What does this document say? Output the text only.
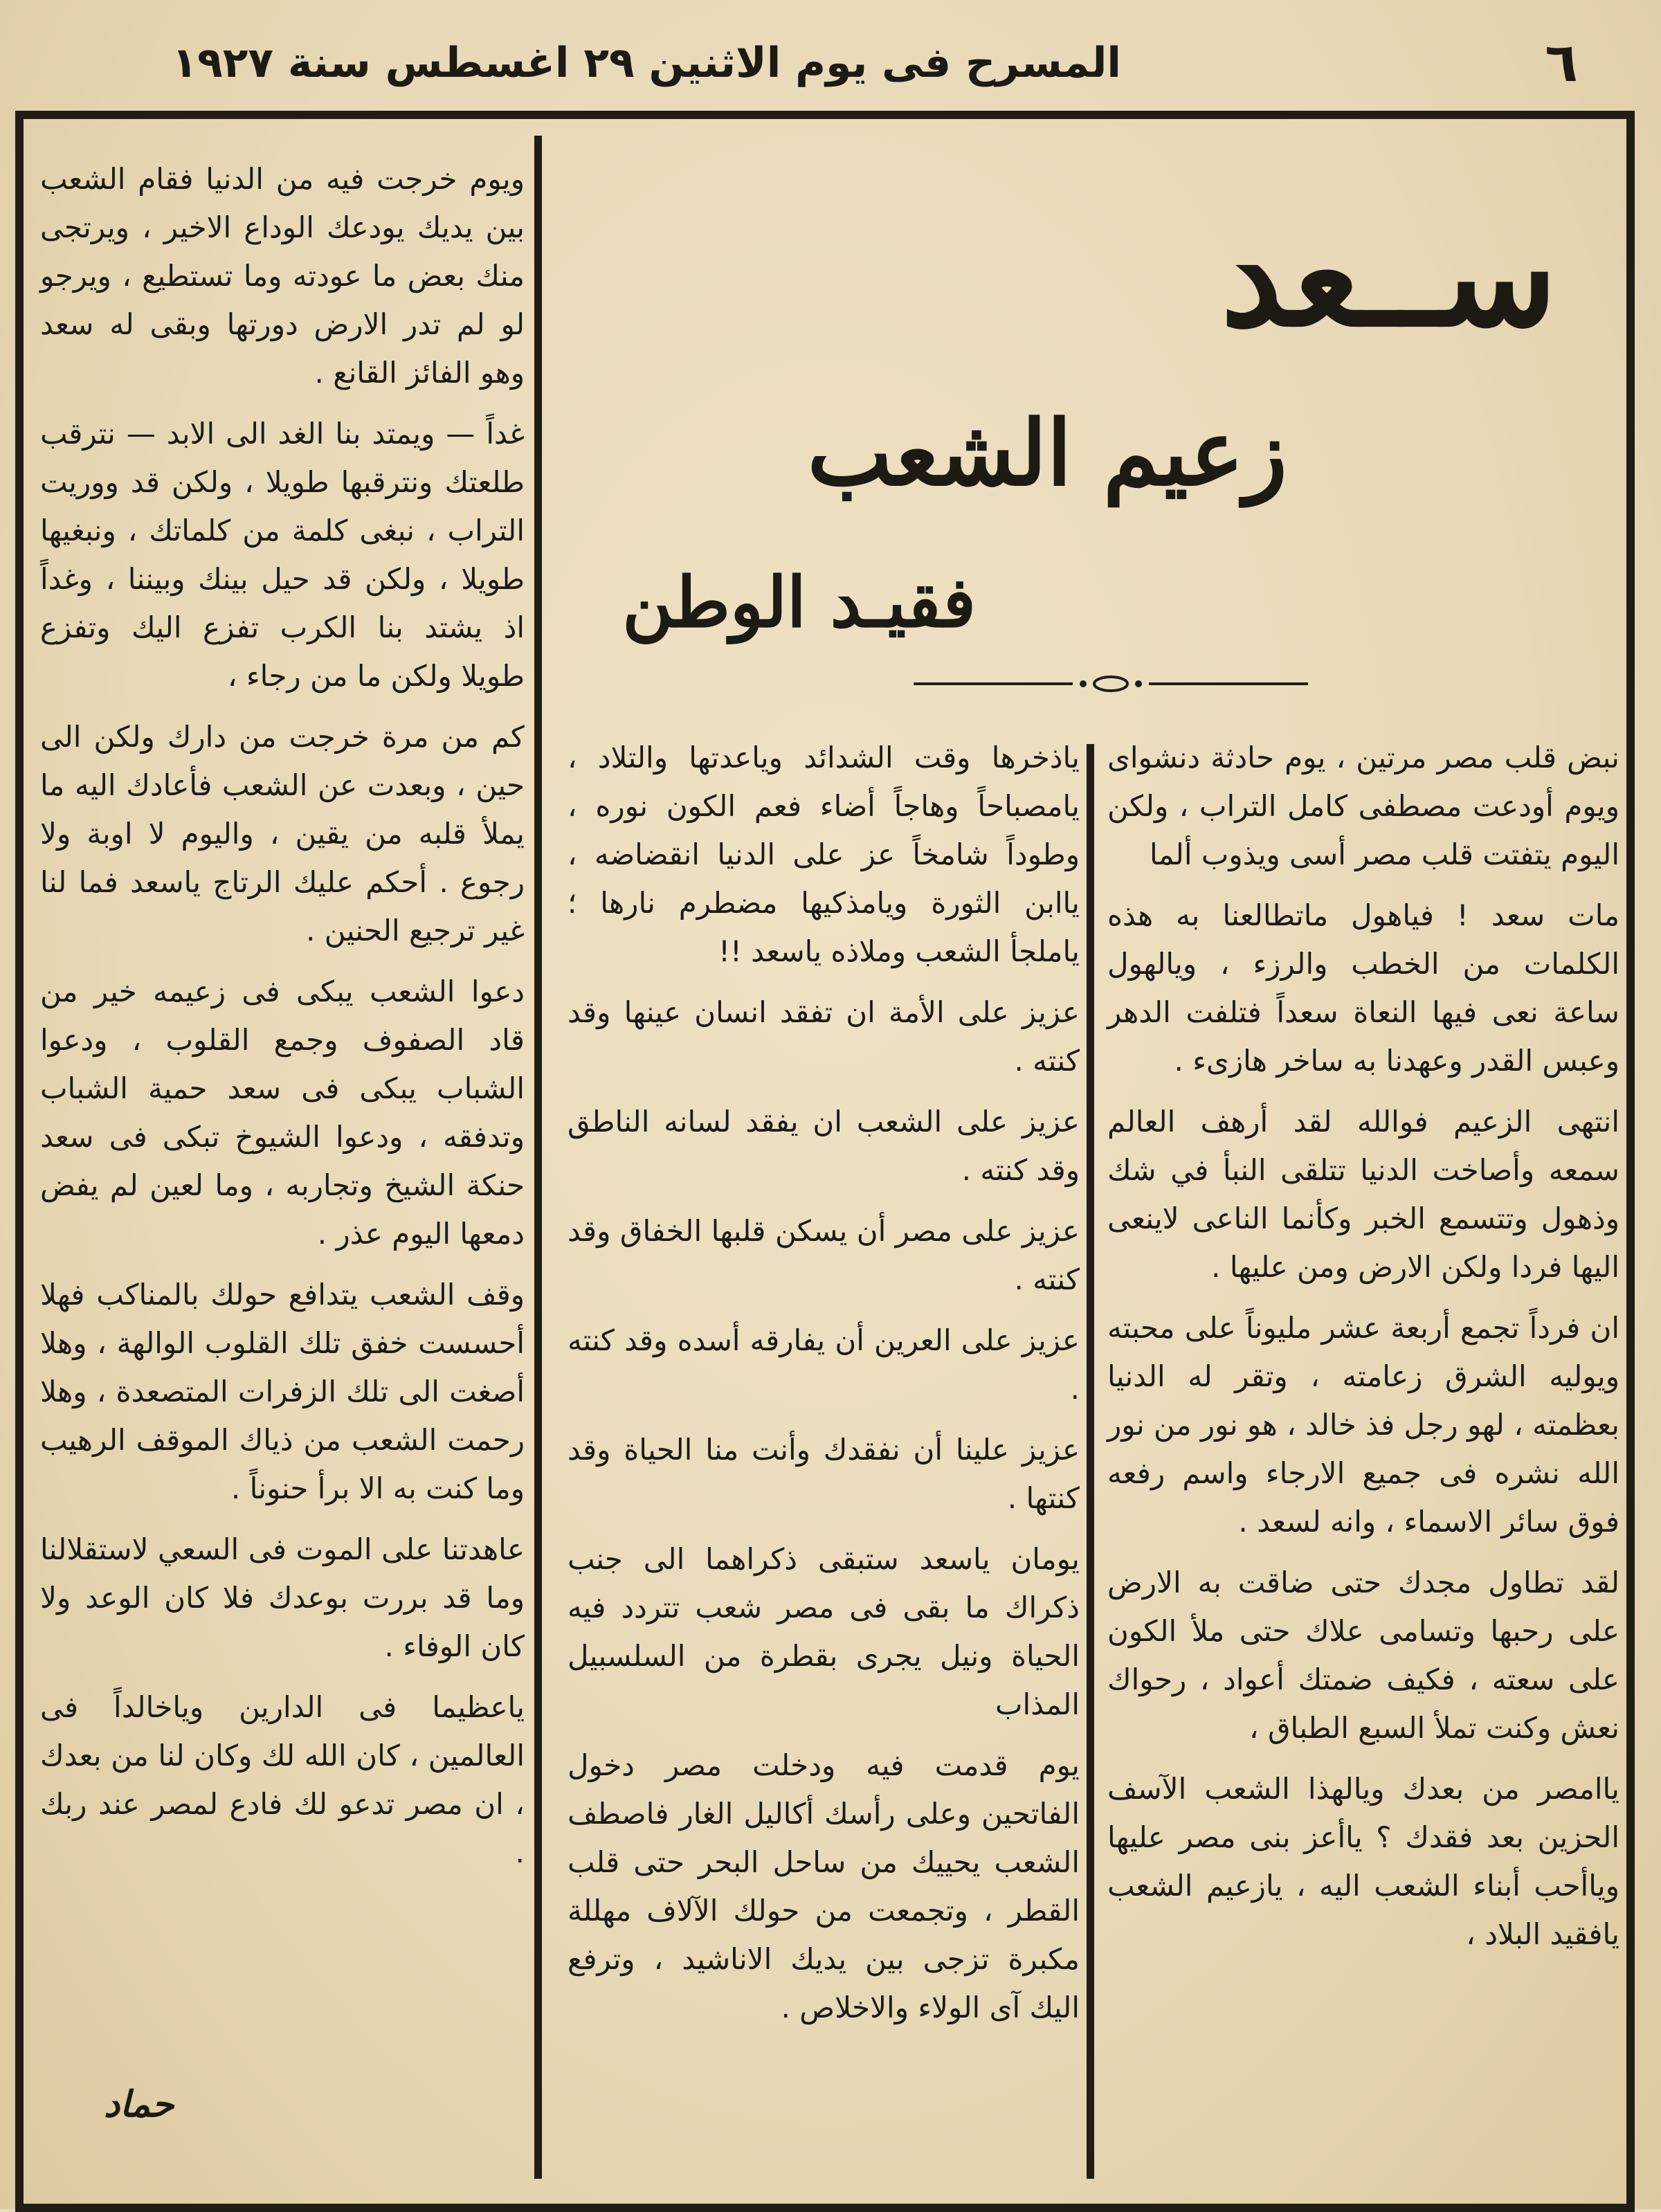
٦
المسرح فى يوم الاثنين ٢٩ اغسطس سنة ١٩٢٧
ســعد
زعيم الشعب
فقيـد الوطن

نبض قلب مصر مرتين ، يوم حادثة دنشواى ويوم أودعت مصطفى كامل التراب ، ولكن اليوم يتفتت قلب مصر أسى ويذوب ألما

مات سعد ! فياهول ماتطالعنا به هذه الكلمات من الخطب والرزء ، ويالهول ساعة نعى فيها النعاة سعداً فتلفت الدهر وعبس القدر وعهدنا به ساخر هازىء .

انتهى الزعيم فوالله لقد أرهف العالم سمعه وأصاخت الدنيا تتلقى النبأ في شك وذهول وتتسمع الخبر وكأنما الناعى لاينعى اليها فردا ولكن الارض ومن عليها .

ان فرداً تجمع أربعة عشر مليوناً على محبته ويوليه الشرق زعامته ، وتقر له الدنيا بعظمته ، لهو رجل فذ خالد ، هو نور من نور الله نشره فى جميع الارجاء واسم رفعه فوق سائر الاسماء ، وانه لسعد .

لقد تطاول مجدك حتى ضاقت به الارض على رحبها وتسامى علاك حتى ملأ الكون على سعته ، فكيف ضمتك أعواد ، رحواك نعش وكنت تملأ السبع الطباق ،

ياامصر من بعدك ويالهذا الشعب الآسف الحزين بعد فقدك ؟ ياأعز بنى مصر عليها وياأحب أبناء الشعب اليه ، يازعيم الشعب يافقيد البلاد ،

ياذخرها وقت الشدائد وياعدتها والتلاد ، يامصباحاً وهاجاً أضاء فعم الكون نوره ، وطوداً شامخاً عز على الدنيا انقضاضه ، ياابن الثورة ويامذكيها مضطرم نارها ؛ ياملجأ الشعب وملاذه ياسعد !!

عزيز على الأمة ان تفقد انسان عينها وقد كنته .

عزيز على الشعب ان يفقد لسانه الناطق وقد كنته .

عزيز على مصر أن يسكن قلبها الخفاق وقد كنته .

عزيز على العرين أن يفارقه أسده وقد كنته .

عزيز علينا أن نفقدك وأنت منا الحياة وقد كنتها .

يومان ياسعد ستبقى ذكراهما الى جنب ذكراك ما بقى فى مصر شعب تتردد فيه الحياة ونيل يجرى بقطرة من السلسبيل المذاب

يوم قدمت فيه ودخلت مصر دخول الفاتحين وعلى رأسك أكاليل الغار فاصطف الشعب يحييك من ساحل البحر حتى قلب القطر ، وتجمعت من حولك الآلاف مهللة مكبرة تزجى بين يديك الاناشيد ، وترفع اليك آى الولاء والاخلاص .

ويوم خرجت فيه من الدنيا فقام الشعب بين يديك يودعك الوداع الاخير ، ويرتجى منك بعض ما عودته وما تستطيع ، ويرجو لو لم تدر الارض دورتها وبقى له سعد وهو الفائز القانع .

غداً — ويمتد بنا الغد الى الابد — نترقب طلعتك ونترقبها طويلا ، ولكن قد ووريت التراب ، نبغى كلمة من كلماتك ، ونبغيها طويلا ، ولكن قد حيل بينك وبيننا ، وغداً اذ يشتد بنا الكرب تفزع اليك وتفزع طويلا ولكن ما من رجاء ،

كم من مرة خرجت من دارك ولكن الى حين ، وبعدت عن الشعب فأعادك اليه ما يملأ قلبه من يقين ، واليوم لا اوبة ولا رجوع . أحكم عليك الرتاج ياسعد فما لنا غير ترجيع الحنين .

دعوا الشعب يبكى فى زعيمه خير من قاد الصفوف وجمع القلوب ، ودعوا الشباب يبكى فى سعد حمية الشباب وتدفقه ، ودعوا الشيوخ تبكى فى سعد حنكة الشيخ وتجاربه ، وما لعين لم يفض دمعها اليوم عذر .

وقف الشعب يتدافع حولك بالمناكب فهلا أحسست خفق تلك القلوب الوالهة ، وهلا أصغت الى تلك الزفرات المتصعدة ، وهلا رحمت الشعب من ذياك الموقف الرهيب وما كنت به الا برأ حنوناً .

عاهدتنا على الموت فى السعي لاستقلالنا وما قد بررت بوعدك فلا كان الوعد ولا كان الوفاء .

ياعظيما فى الدارين وياخالداً فى العالمين ، كان الله لك وكان لنا من بعدك ، ان مصر تدعو لك فادع لمصر عند ربك .

حماد
